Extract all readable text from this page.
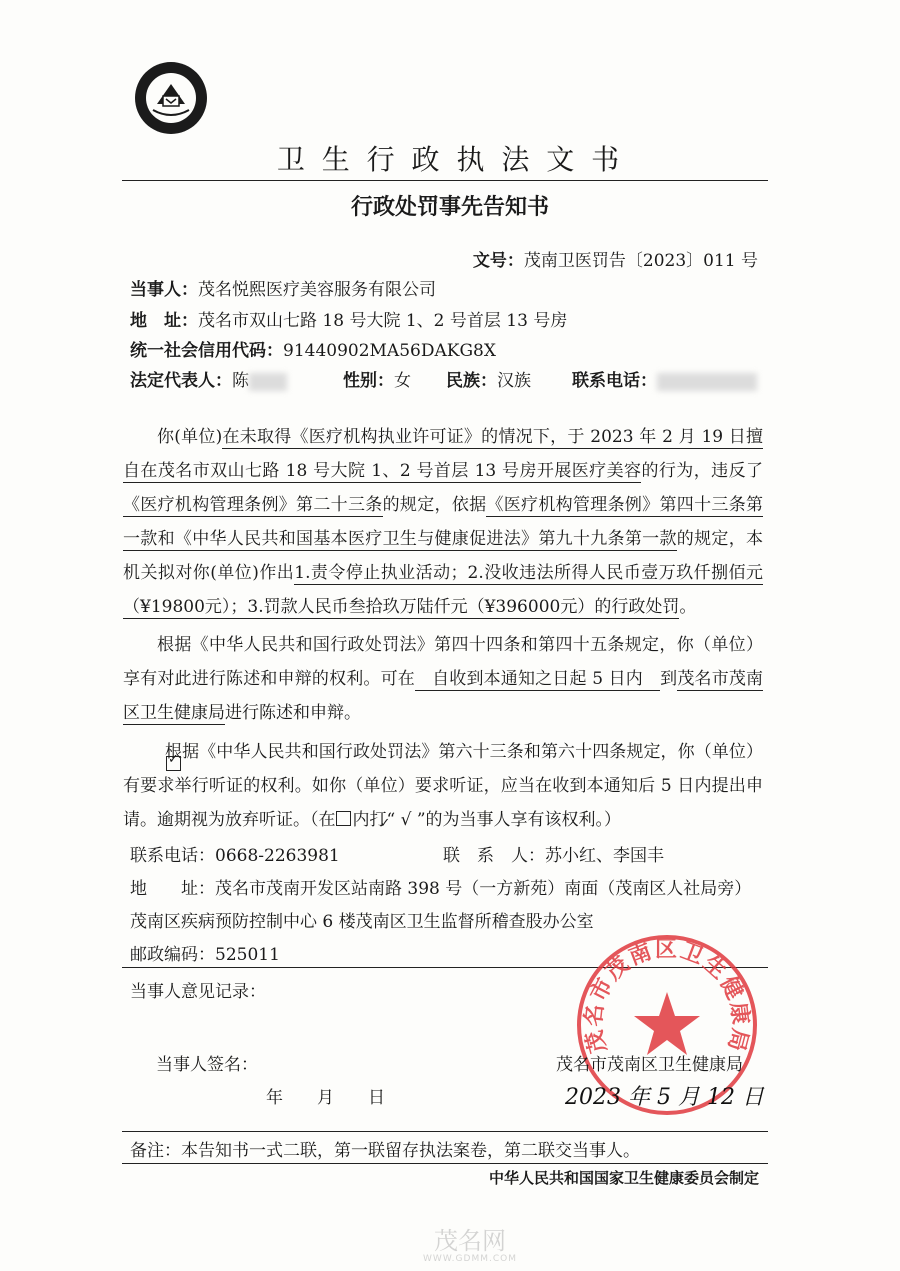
卫 生 行 政 执 法 文 书
行政处罚事先告知书
文号：茂南卫医罚告〔2023〕011 号
当事人：茂名悦熙医疗美容服务有限公司
地　址：茂名市双山七路 18 号大院 1、2 号首层 13 号房
统一社会信用代码：91440902MA56DAKG8X
法定代表人：陈	性别：女 民族：汉族 联系电话：
你(单位)在未取得《医疗机构执业许可证》的情况下，于 2023 年 2 月 19 日擅自在茂名市双山七路 18 号大院 1、2 号首层 13 号房开展医疗美容的行为，违反了《医疗机构管理条例》第二十三条的规定，依据《医疗机构管理条例》第四十三条第一款和《中华人民共和国基本医疗卫生与健康促进法》第九十九条第一款的规定，本机关拟对你(单位)作出1.责令停止执业活动；2.没收违法所得人民币壹万玖仟捌佰元（¥19800元）；3.罚款人民币叁拾玖万陆仟元（¥396000元）的行政处罚。
根据《中华人民共和国行政处罚法》第四十四条和第四十五条规定，你（单位）享有对此进行陈述和申辩的权利。可在　自收到本通知之日起 5 日内　到茂名市茂南区卫生健康局进行陈述和申辩。
根据《中华人民共和国行政处罚法》第六十三条和第六十四条规定，你（单位）有要求举行听证的权利。如你（单位）要求听证，应当在收到本通知后 5 日内提出申请。逾期视为放弃听证。（在✓ 内打“ √ ”的为当事人享有该权利。）
✓
联系电话：0668-2263981	联　系　人：苏小红、李国丰
地　　址：茂名市茂南开发区站南路 398 号（一方新苑）南面（茂南区人社局旁）
茂南区疾病预防控制中心 6 楼茂南区卫生监督所稽查股办公室
邮政编码：525011
当事人意见记录：
茂名市茂南区卫生健康局
当事人签名：
年　　月　　日
茂名市茂南区卫生健康局
2023 年 5 月 12 日
备注：本告知书一式二联，第一联留存执法案卷，第二联交当事人。
中华人民共和国国家卫生健康委员会制定
茂名网
WWW.GDMM.COM
